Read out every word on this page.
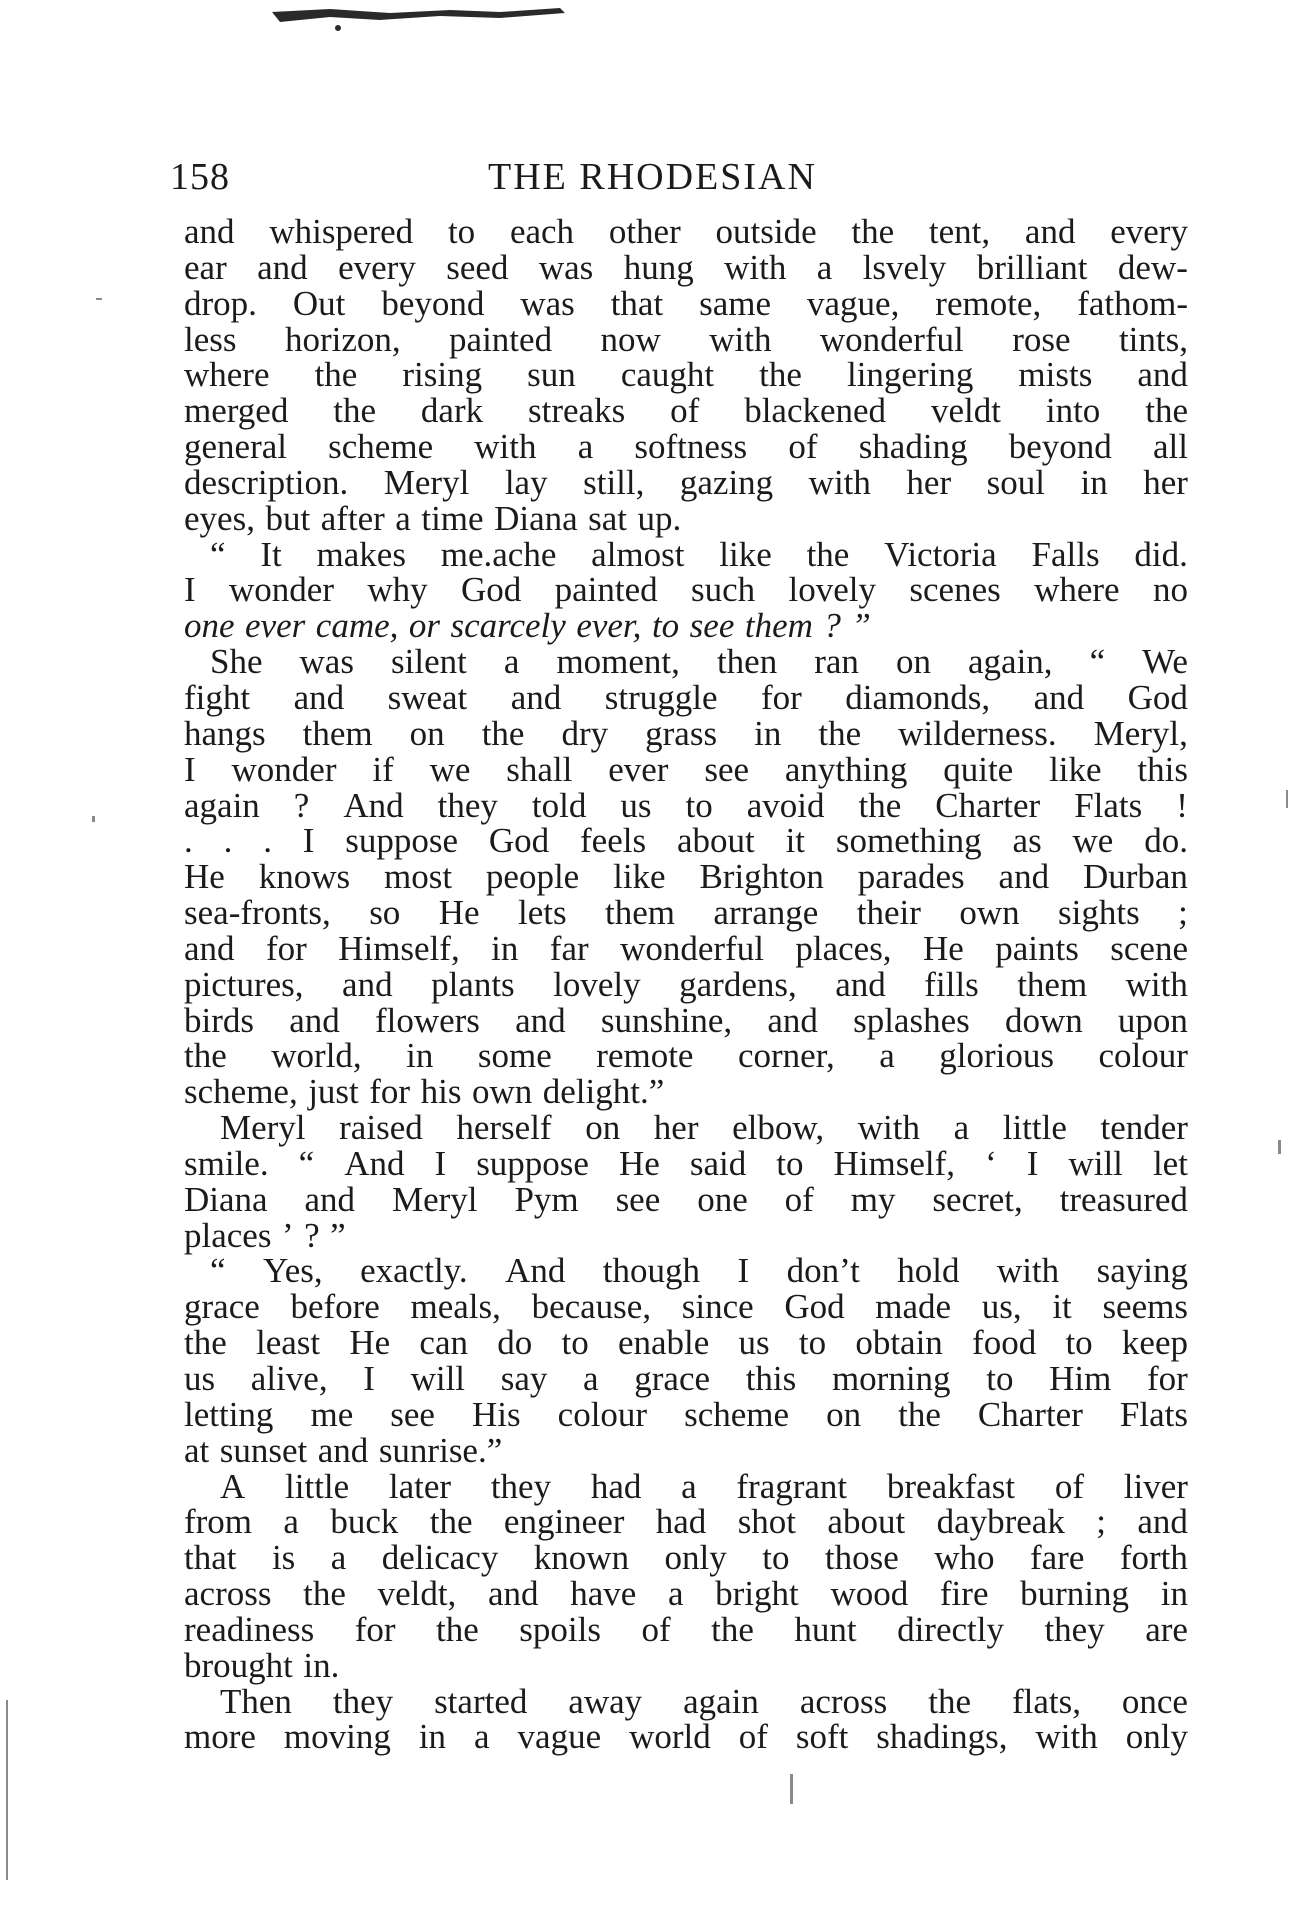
158	THE RHODESIAN
and whispered to each other outside the tent, and every
ear and every seed was hung with a lsvely brilliant dew-
drop. Out beyond was that same vague, remote, fathom-
less horizon, painted now with wonderful rose tints,
where the rising sun caught the lingering mists and
merged the dark streaks of blackened veldt into the
general scheme with a softness of shading beyond all
description. Meryl lay still, gazing with her soul in her
eyes, but after a time Diana sat up.
“ It makes me.ache almost like the Victoria Falls did.
I wonder why God painted such lovely scenes where no
one ever came, or scarcely ever, to see them ? ”
She was silent a moment, then ran on again, “ We
fight and sweat and struggle for diamonds, and God
hangs them on the dry grass in the wilderness. Meryl,
I wonder if we shall ever see anything quite like this
again ? And they told us to avoid the Charter Flats !
. . . I suppose God feels about it something as we do.
He knows most people like Brighton parades and Durban
sea-fronts, so He lets them arrange their own sights ;
and for Himself, in far wonderful places, He paints scene
pictures, and plants lovely gardens, and fills them with
birds and flowers and sunshine, and splashes down upon
the world, in some remote corner, a glorious colour
scheme, just for his own delight.”
Meryl raised herself on her elbow, with a little tender
smile. “ And I suppose He said to Himself, ‘ I will let
Diana and Meryl Pym see one of my secret, treasured
places ’ ? ”
“ Yes, exactly. And though I don’t hold with saying
grace before meals, because, since God made us, it seems
the least He can do to enable us to obtain food to keep
us alive, I will say a grace this morning to Him for
letting me see His colour scheme on the Charter Flats
at sunset and sunrise.”
A little later they had a fragrant breakfast of liver
from a buck the engineer had shot about daybreak ; and
that is a delicacy known only to those who fare forth
across the veldt, and have a bright wood fire burning in
readiness for the spoils of the hunt directly they are
brought in.
Then they started away again across the flats, once
more moving in a vague world of soft shadings, with only
